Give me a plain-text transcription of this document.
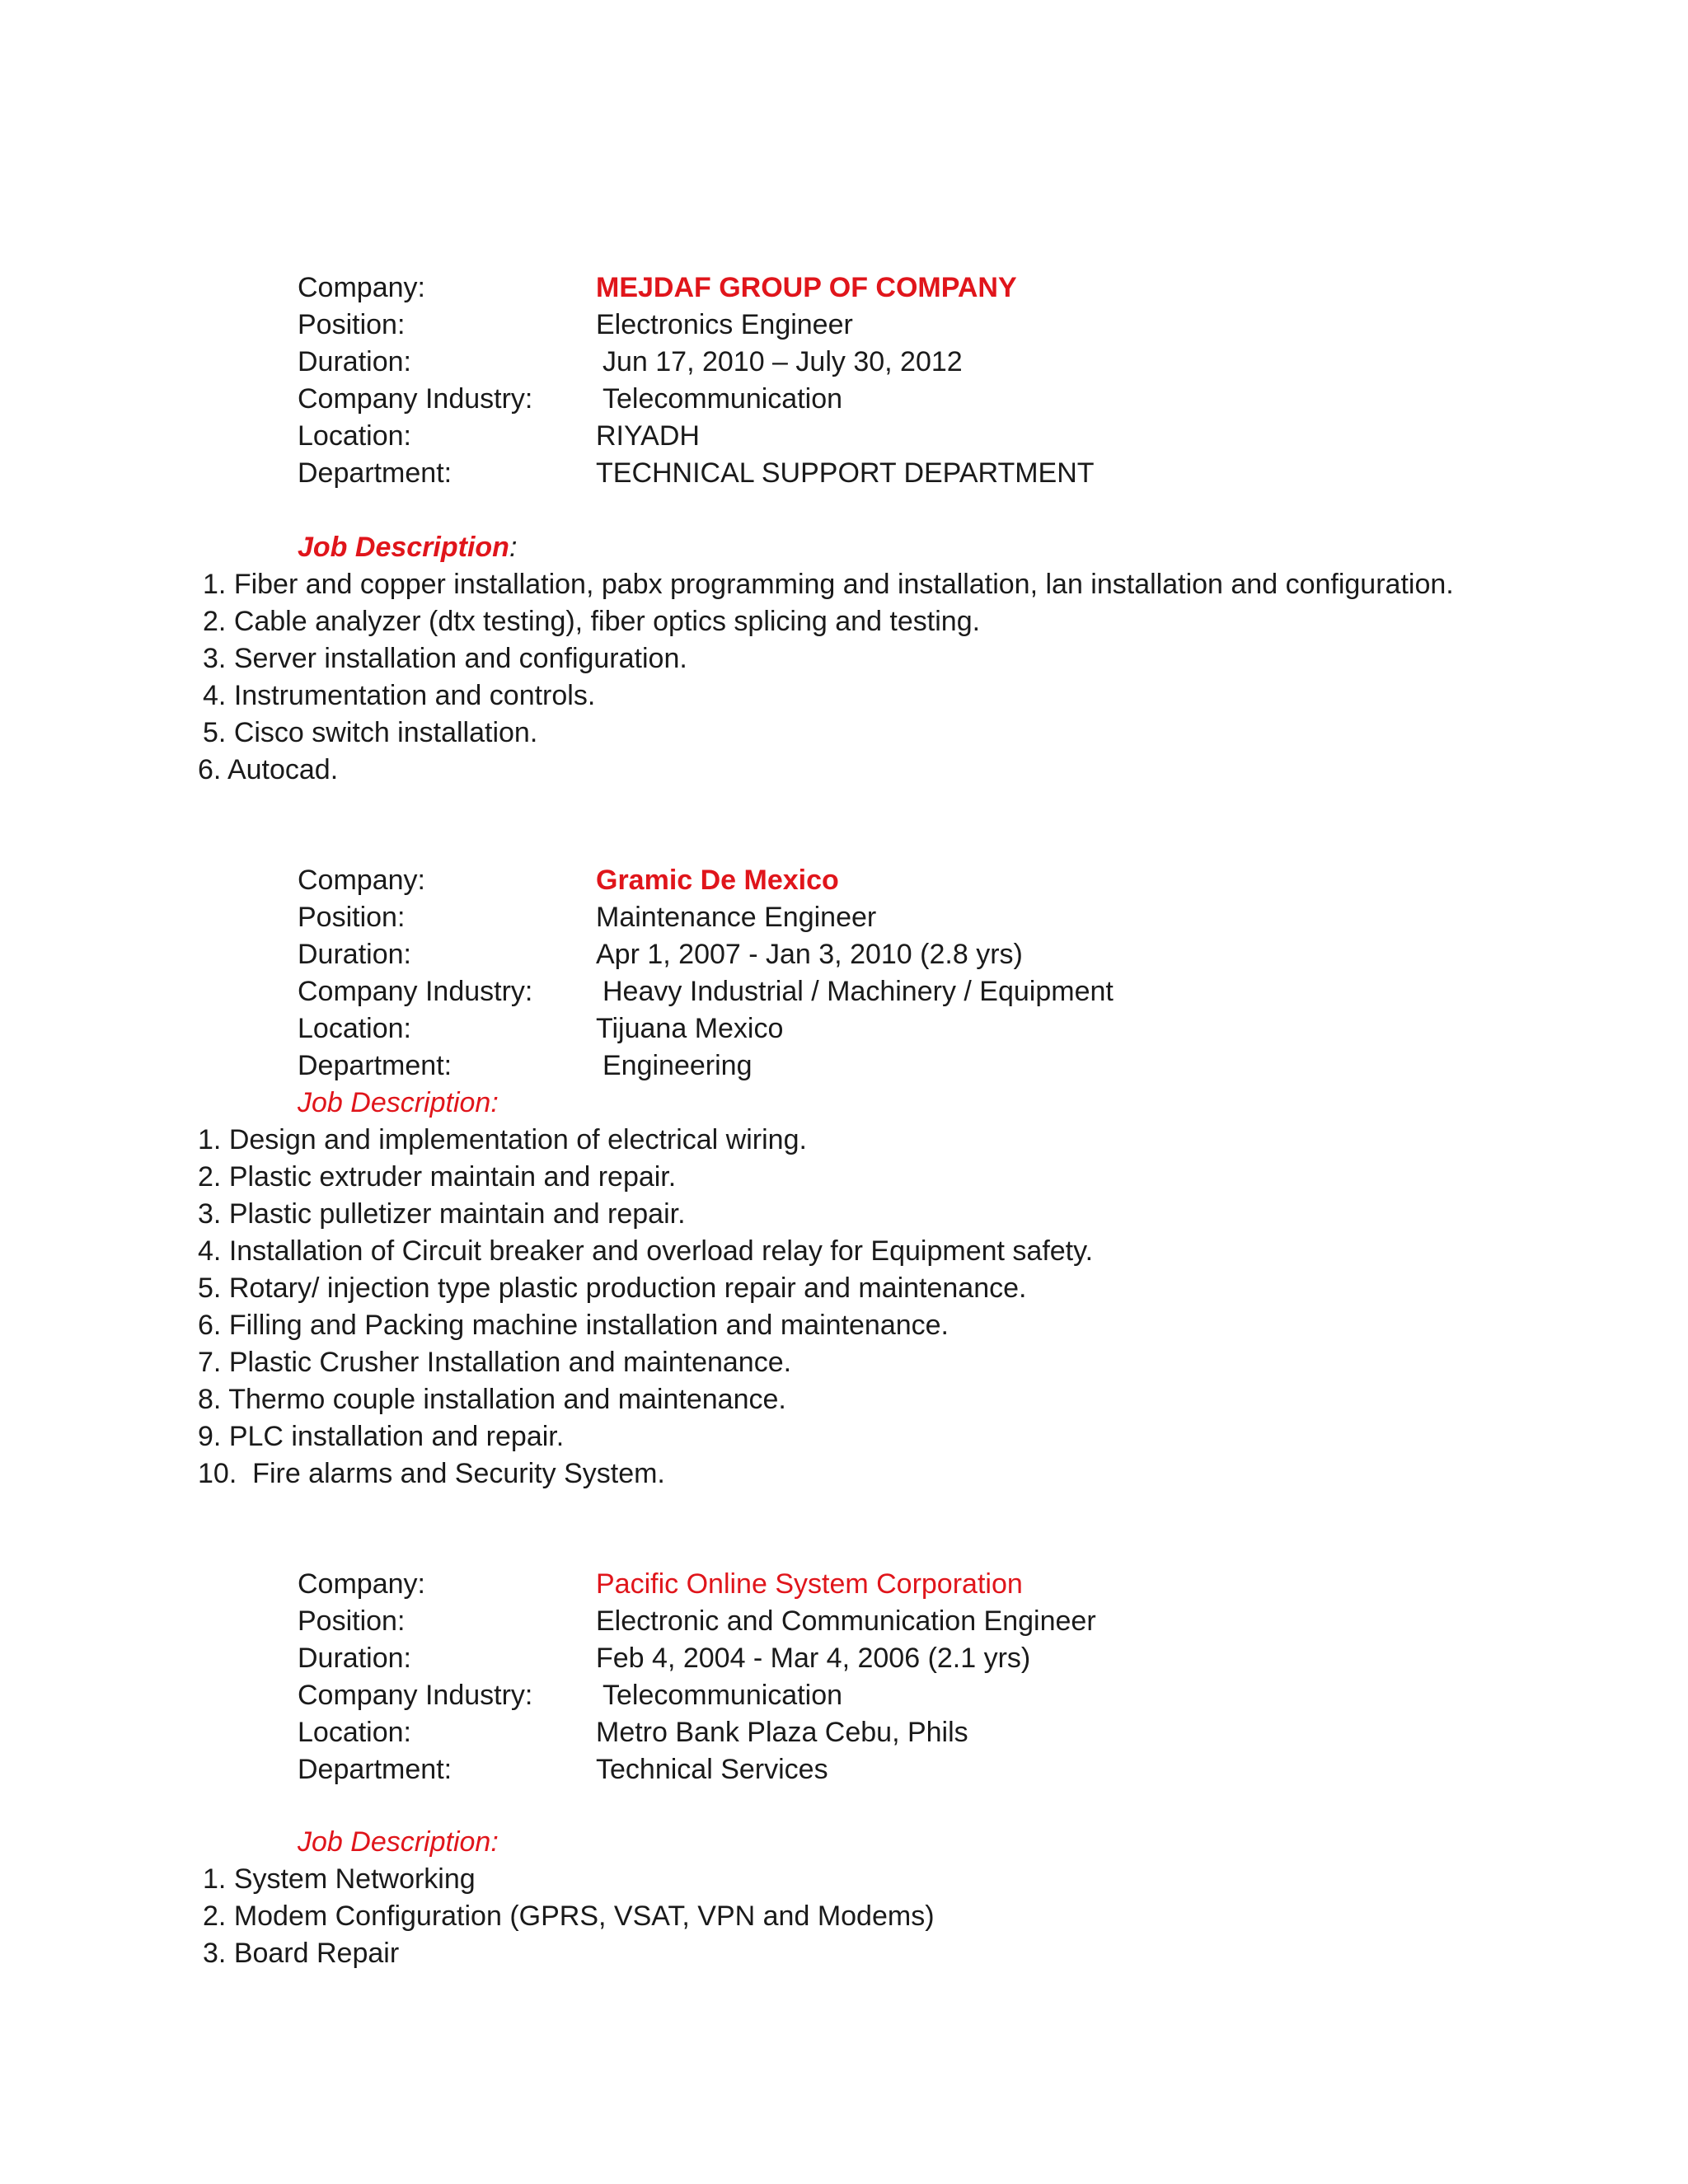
Company:	MEJDAF GROUP OF COMPANY
Position:	Electronics Engineer
Duration:	Jun 17, 2010 – July 30, 2012
Company Industry: Telecommunication
Location:	RIYADH
Department:	TECHNICAL SUPPORT DEPARTMENT
Job Description:
1. Fiber and copper installation, pabx programming and installation, lan installation and configuration.
2. Cable analyzer (dtx testing), fiber optics splicing and testing.
3. Server installation and configuration.
4. Instrumentation and controls.
5. Cisco switch installation.
6. Autocad.
Company:	Gramic De Mexico
Position:	Maintenance Engineer
Duration:	Apr 1, 2007 - Jan 3, 2010 (2.8 yrs)
Company Industry: Heavy Industrial / Machinery / Equipment
Location:	Tijuana Mexico
Department:	Engineering
Job Description:
1. Design and implementation of electrical wiring.
2. Plastic extruder maintain and repair.
3. Plastic pulletizer maintain and repair.
4. Installation of Circuit breaker and overload relay for Equipment safety.
5. Rotary/ injection type plastic production repair and maintenance.
6. Filling and Packing machine installation and maintenance.
7. Plastic Crusher Installation and maintenance.
8. Thermo couple installation and maintenance.
9. PLC installation and repair.
10. Fire alarms and Security System.
Company:	Pacific Online System Corporation
Position:	Electronic and Communication Engineer
Duration:	Feb 4, 2004 - Mar 4, 2006 (2.1 yrs)
Company Industry: Telecommunication
Location:	Metro Bank Plaza Cebu, Phils
Department:	Technical Services
Job Description:
1. System Networking
2. Modem Configuration (GPRS, VSAT, VPN and Modems)
3. Board Repair
